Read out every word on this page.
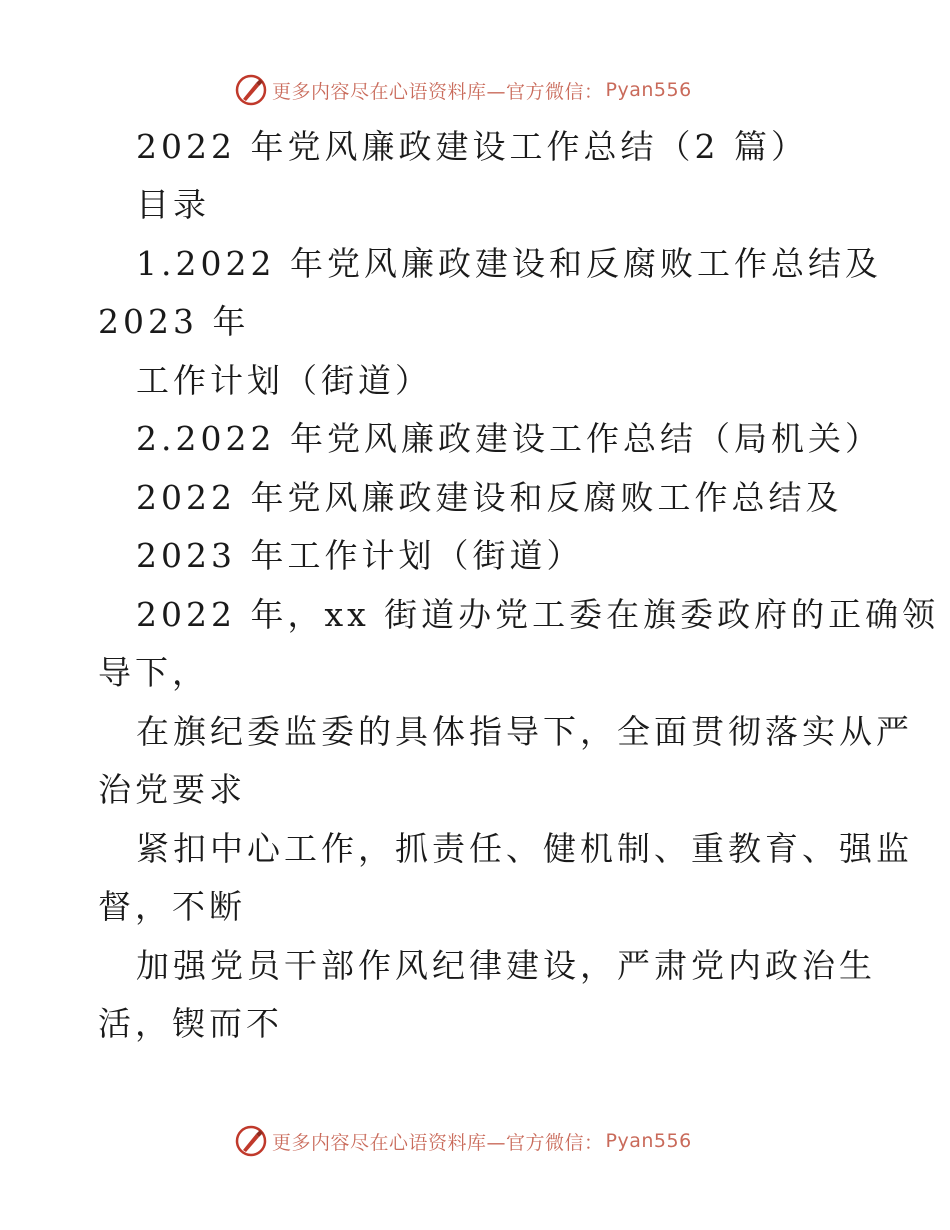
更多内容尽在心语资料库—官方微信： Pyan556
2022 年党风廉政建设工作总结（2 篇）
目录
1.2022 年党风廉政建设和反腐败工作总结及
2023 年
工作计划（街道）
2.2022 年党风廉政建设工作总结（局机关）
2022 年党风廉政建设和反腐败工作总结及
2023 年工作计划（街道）
2022 年，xx 街道办党工委在旗委政府的正确领
导下，
在旗纪委监委的具体指导下，全面贯彻落实从严
治党要求
紧扣中心工作，抓责任、健机制、重教育、强监
督，不断
加强党员干部作风纪律建设，严肃党内政治生
活，锲而不
更多内容尽在心语资料库—官方微信： Pyan556
